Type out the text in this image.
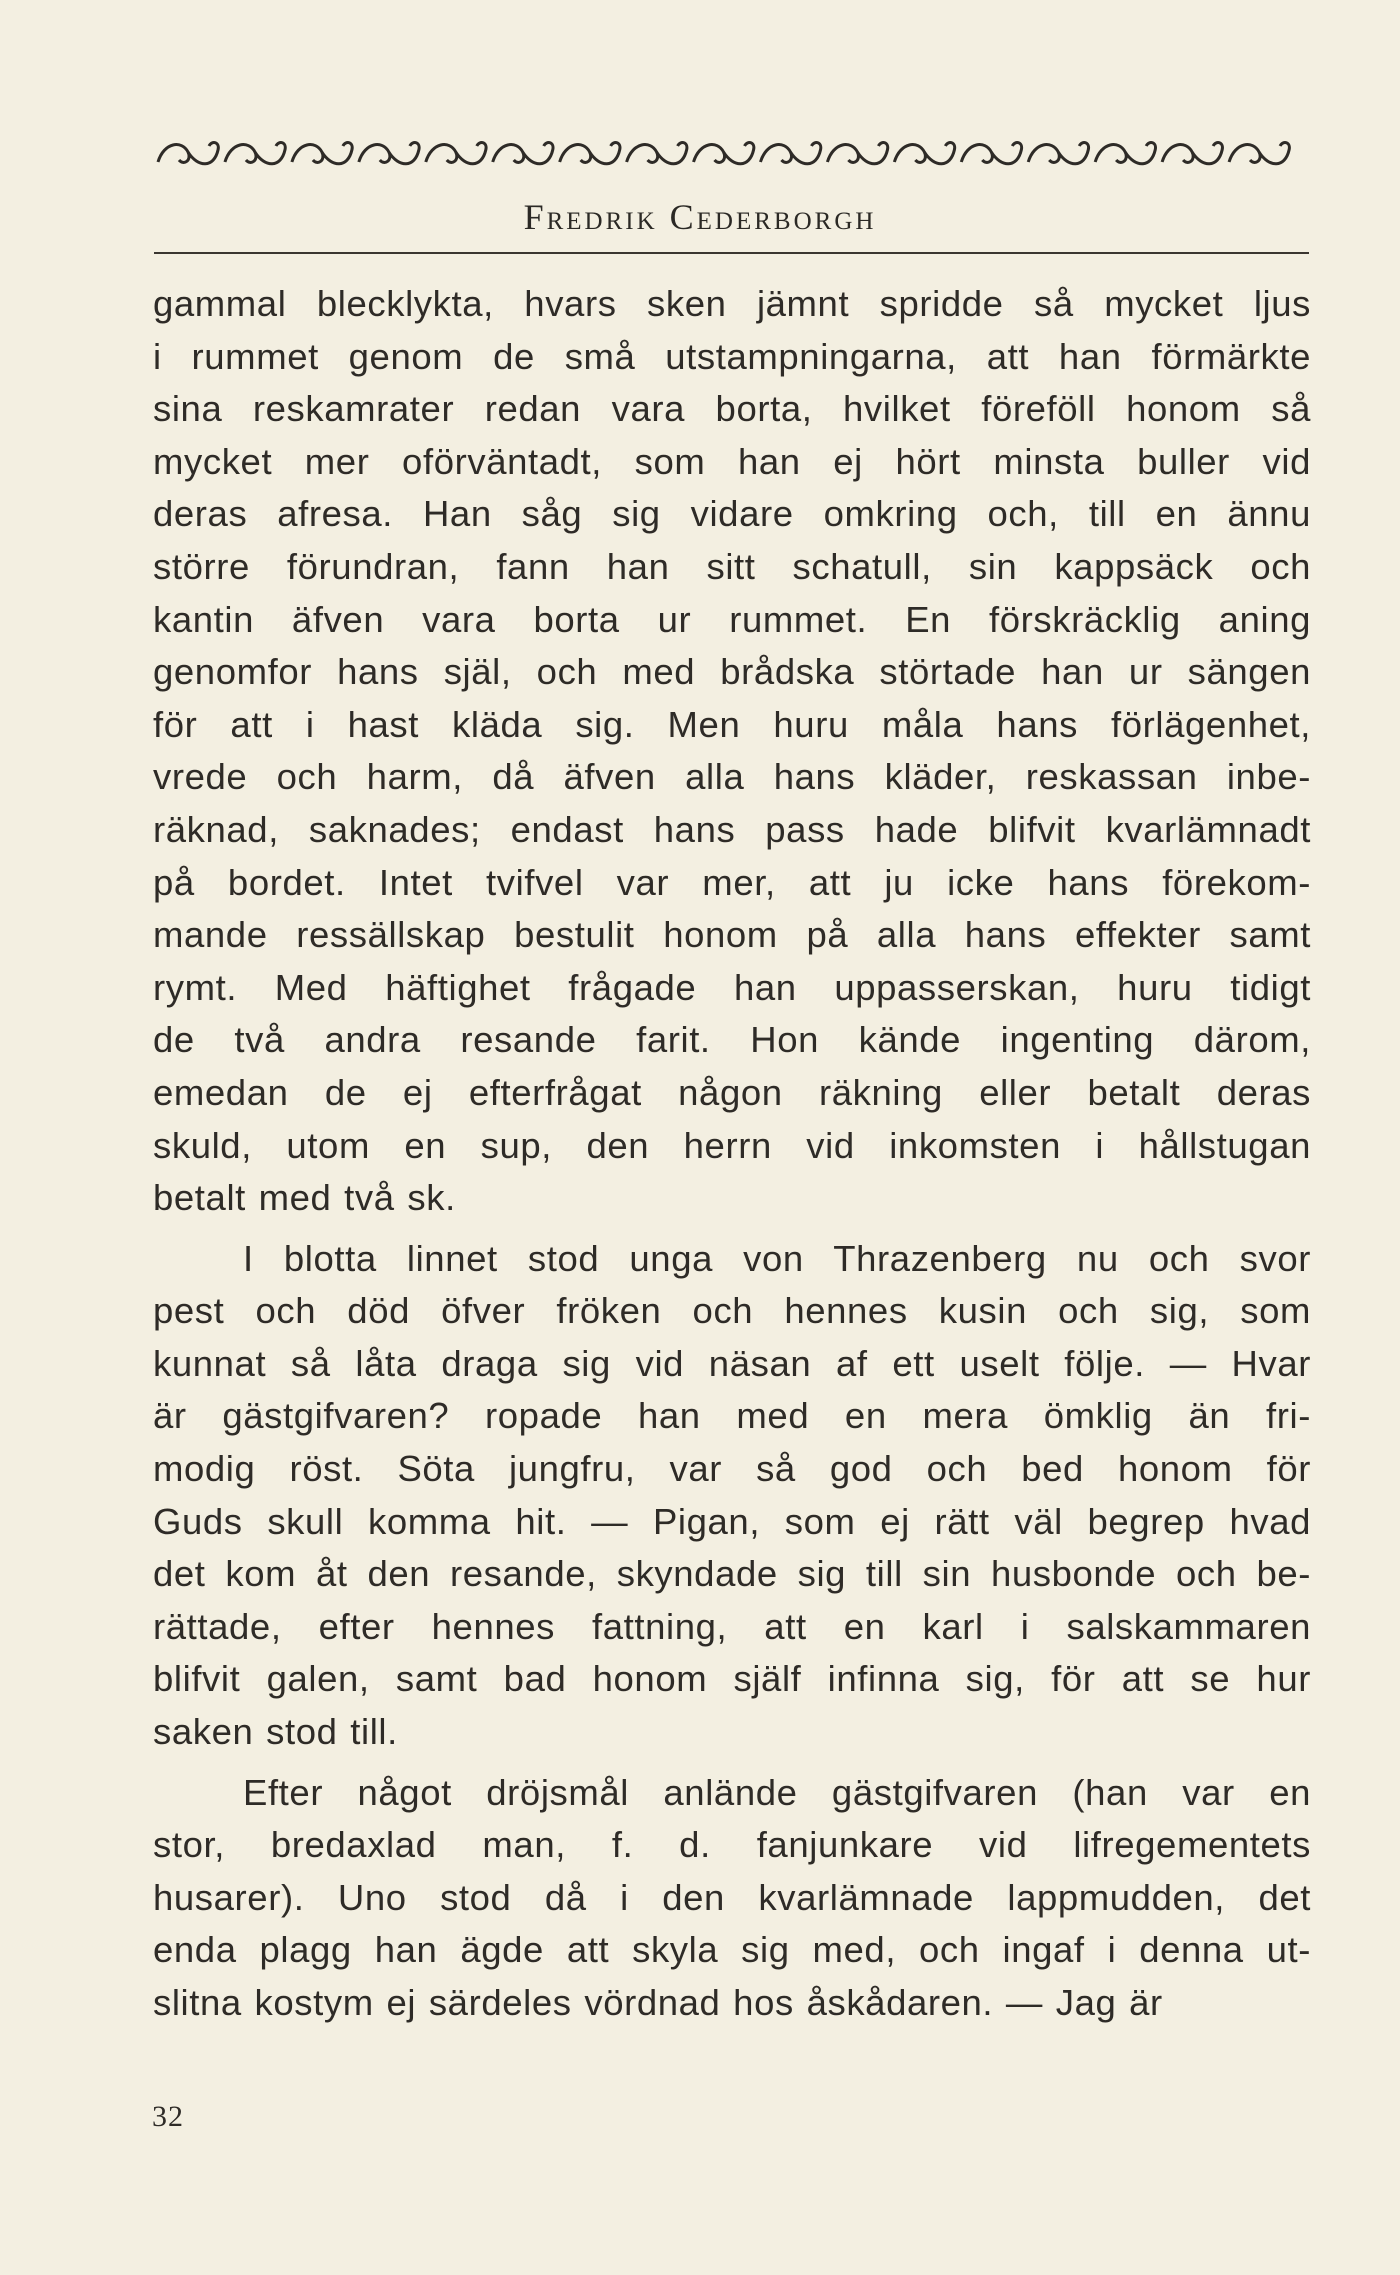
Fredrik Cederborgh

gammal blecklykta, hvars sken jämnt spridde så mycket ljus
i rummet genom de små utstampningarna, att han förmärkte
sina reskamrater redan vara borta, hvilket föreföll honom så
mycket mer oförväntadt, som han ej hört minsta buller vid
deras afresa. Han såg sig vidare omkring och, till en ännu
större förundran, fann han sitt schatull, sin kappsäck och
kantin äfven vara borta ur rummet. En förskräcklig aning
genomfor hans själ, och med brådska störtade han ur sängen
för att i hast kläda sig. Men huru måla hans förlägenhet,
vrede och harm, då äfven alla hans kläder, reskassan inbe-
räknad, saknades; endast hans pass hade blifvit kvarlämnadt
på bordet. Intet tvifvel var mer, att ju icke hans förekom-
mande ressällskap bestulit honom på alla hans effekter samt
rymt. Med häftighet frågade han uppasserskan, huru tidigt
de två andra resande farit. Hon kände ingenting därom,
emedan de ej efterfrågat någon räkning eller betalt deras
skuld, utom en sup, den herrn vid inkomsten i hållstugan
betalt med två sk.

I blotta linnet stod unga von Thrazenberg nu och svor
pest och död öfver fröken och hennes kusin och sig, som
kunnat så låta draga sig vid näsan af ett uselt följe. — Hvar
är gästgifvaren? ropade han med en mera ömklig än fri-
modig röst. Söta jungfru, var så god och bed honom för
Guds skull komma hit. — Pigan, som ej rätt väl begrep hvad
det kom åt den resande, skyndade sig till sin husbonde och be-
rättade, efter hennes fattning, att en karl i salskammaren
blifvit galen, samt bad honom själf infinna sig, för att se hur
saken stod till.

Efter något dröjsmål anlände gästgifvaren (han var en
stor, bredaxlad man, f. d. fanjunkare vid lifregementets
husarer). Uno stod då i den kvarlämnade lappmudden, det
enda plagg han ägde att skyla sig med, och ingaf i denna ut-
slitna kostym ej särdeles vördnad hos åskådaren. — Jag är

32
